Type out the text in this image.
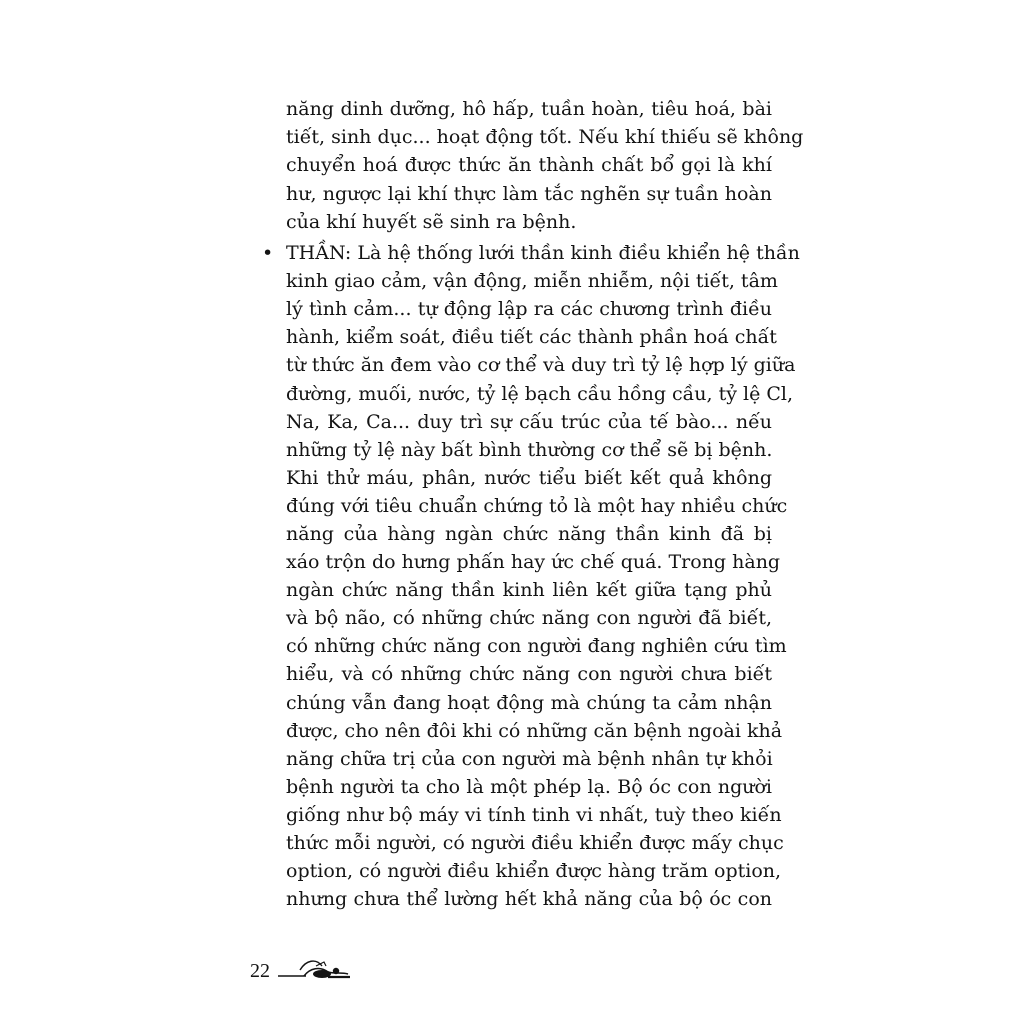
năng dinh dưỡng, hô hấp, tuần hoàn, tiêu hoá, bài
tiết, sinh dục... hoạt động tốt. Nếu khí thiếu sẽ không
chuyển hoá được thức ăn thành chất bổ gọi là khí
hư, ngược lại khí thực làm tắc nghẽn sự tuần hoàn
của khí huyết sẽ sinh ra bệnh.
• THẦN: Là hệ thống lưới thần kinh điều khiển hệ thần
kinh giao cảm, vận động, miễn nhiễm, nội tiết, tâm
lý tình cảm... tự động lập ra các chương trình điều
hành, kiểm soát, điều tiết các thành phần hoá chất
từ thức ăn đem vào cơ thể và duy trì tỷ lệ hợp lý giữa
đường, muối, nước, tỷ lệ bạch cầu hồng cầu, tỷ lệ Cl,
Na, Ka, Ca... duy trì sự cấu trúc của tế bào... nếu
những tỷ lệ này bất bình thường cơ thể sẽ bị bệnh.
Khi thử máu, phân, nước tiểu biết kết quả không
đúng với tiêu chuẩn chứng tỏ là một hay nhiều chức
năng của hàng ngàn chức năng thần kinh đã bị
xáo trộn do hưng phấn hay ức chế quá. Trong hàng
ngàn chức năng thần kinh liên kết giữa tạng phủ
và bộ não, có những chức năng con người đã biết,
có những chức năng con người đang nghiên cứu tìm
hiểu, và có những chức năng con người chưa biết
chúng vẫn đang hoạt động mà chúng ta cảm nhận
được, cho nên đôi khi có những căn bệnh ngoài khả
năng chữa trị của con người mà bệnh nhân tự khỏi
bệnh người ta cho là một phép lạ. Bộ óc con người
giống như bộ máy vi tính tinh vi nhất, tuỳ theo kiến
thức mỗi người, có người điều khiển được mấy chục
option, có người điều khiển được hàng trăm option,
nhưng chưa thể lường hết khả năng của bộ óc con
22
